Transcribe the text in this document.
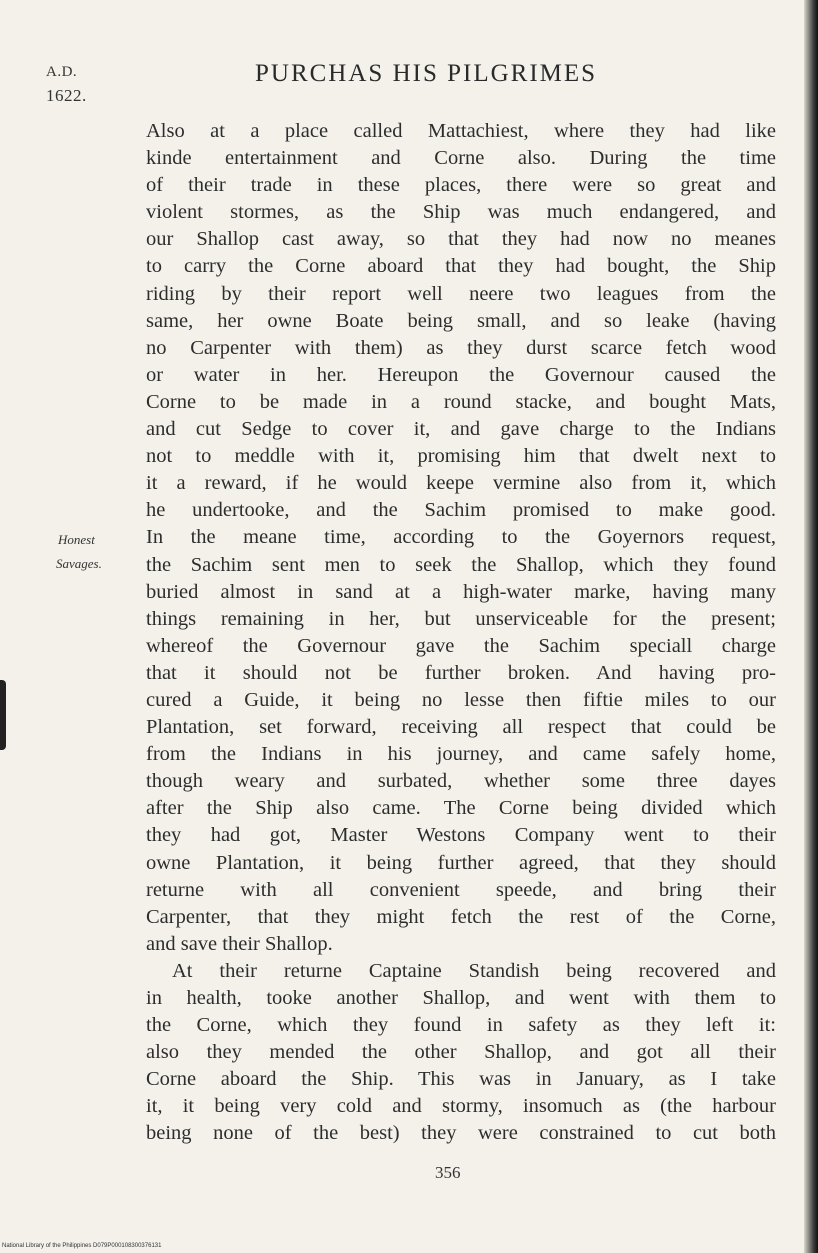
A.D.
1622.
PURCHAS HIS PILGRIMES
Honest
Savages.
Also at a place called Mattachiest, where they had like
kinde entertainment and Corne also. During the time
of their trade in these places, there were so great and
violent stormes, as the Ship was much endangered, and
our Shallop cast away, so that they had now no meanes
to carry the Corne aboard that they had bought, the Ship
riding by their report well neere two leagues from the
same, her owne Boate being small, and so leake (having
no Carpenter with them) as they durst scarce fetch wood
or water in her. Hereupon the Governour caused the
Corne to be made in a round stacke, and bought Mats,
and cut Sedge to cover it, and gave charge to the Indians
not to meddle with it, promising him that dwelt next to
it a reward, if he would keepe vermine also from it, which
he undertooke, and the Sachim promised to make good.
In the meane time, according to the Goyernors request,
the Sachim sent men to seek the Shallop, which they found
buried almost in sand at a high-water marke, having many
things remaining in her, but unserviceable for the present;
whereof the Governour gave the Sachim speciall charge
that it should not be further broken. And having pro-
cured a Guide, it being no lesse then fiftie miles to our
Plantation, set forward, receiving all respect that could be
from the Indians in his journey, and came safely home,
though weary and surbated, whether some three dayes
after the Ship also came. The Corne being divided which
they had got, Master Westons Company went to their
owne Plantation, it being further agreed, that they should
returne with all convenient speede, and bring their
Carpenter, that they might fetch the rest of the Corne,
and save their Shallop.
At their returne Captaine Standish being recovered and
in health, tooke another Shallop, and went with them to
the Corne, which they found in safety as they left it:
also they mended the other Shallop, and got all their
Corne aboard the Ship. This was in January, as I take
it, it being very cold and stormy, insomuch as (the harbour
being none of the best) they were constrained to cut both
356
National Library of the Philippines D079P000108300376131
